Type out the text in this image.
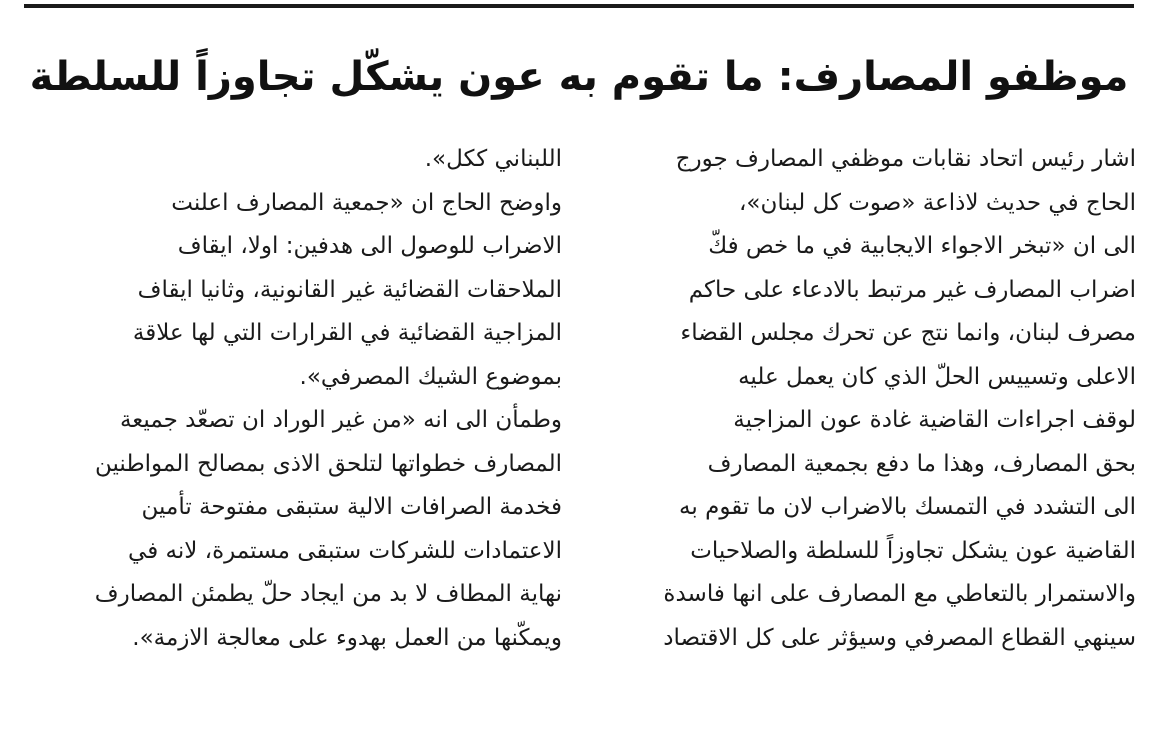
موظفو المصارف: ما تقوم به عون يشكّل تجاوزاً للسلطة
اشار رئيس اتحاد نقابات موظفي المصارف جورج
الحاج في حديث لاذاعة «صوت كل لبنان»،
الى ان «تبخر الاجواء الايجابية في ما خص فكّ
اضراب المصارف غير مرتبط بالادعاء على حاكم
مصرف لبنان، وانما نتج عن تحرك مجلس القضاء
الاعلى وتسييس الحلّ الذي كان يعمل عليه
لوقف اجراءات القاضية غادة عون المزاجية
بحق المصارف، وهذا ما دفع بجمعية المصارف
الى التشدد في التمسك بالاضراب لان ما تقوم به
القاضية عون يشكل تجاوزاً للسلطة والصلاحيات
والاستمرار بالتعاطي مع المصارف على انها فاسدة
سينهي القطاع المصرفي وسيؤثر على كل الاقتصاد
اللبناني ككل».
واوضح الحاج ان «جمعية المصارف اعلنت
الاضراب للوصول الى هدفين: اولا، ايقاف
الملاحقات القضائية غير القانونية، وثانيا ايقاف
المزاجية القضائية في القرارات التي لها علاقة
بموضوع الشيك المصرفي».
وطمأن الى انه «من غير الوراد ان تصعّد جميعة
المصارف خطواتها لتلحق الاذى بمصالح المواطنين
فخدمة الصرافات الالية ستبقى مفتوحة تأمين
الاعتمادات للشركات ستبقى مستمرة، لانه في
نهاية المطاف لا بد من ايجاد حلّ يطمئن المصارف
ويمكّنها من العمل بهدوء على معالجة الازمة».
